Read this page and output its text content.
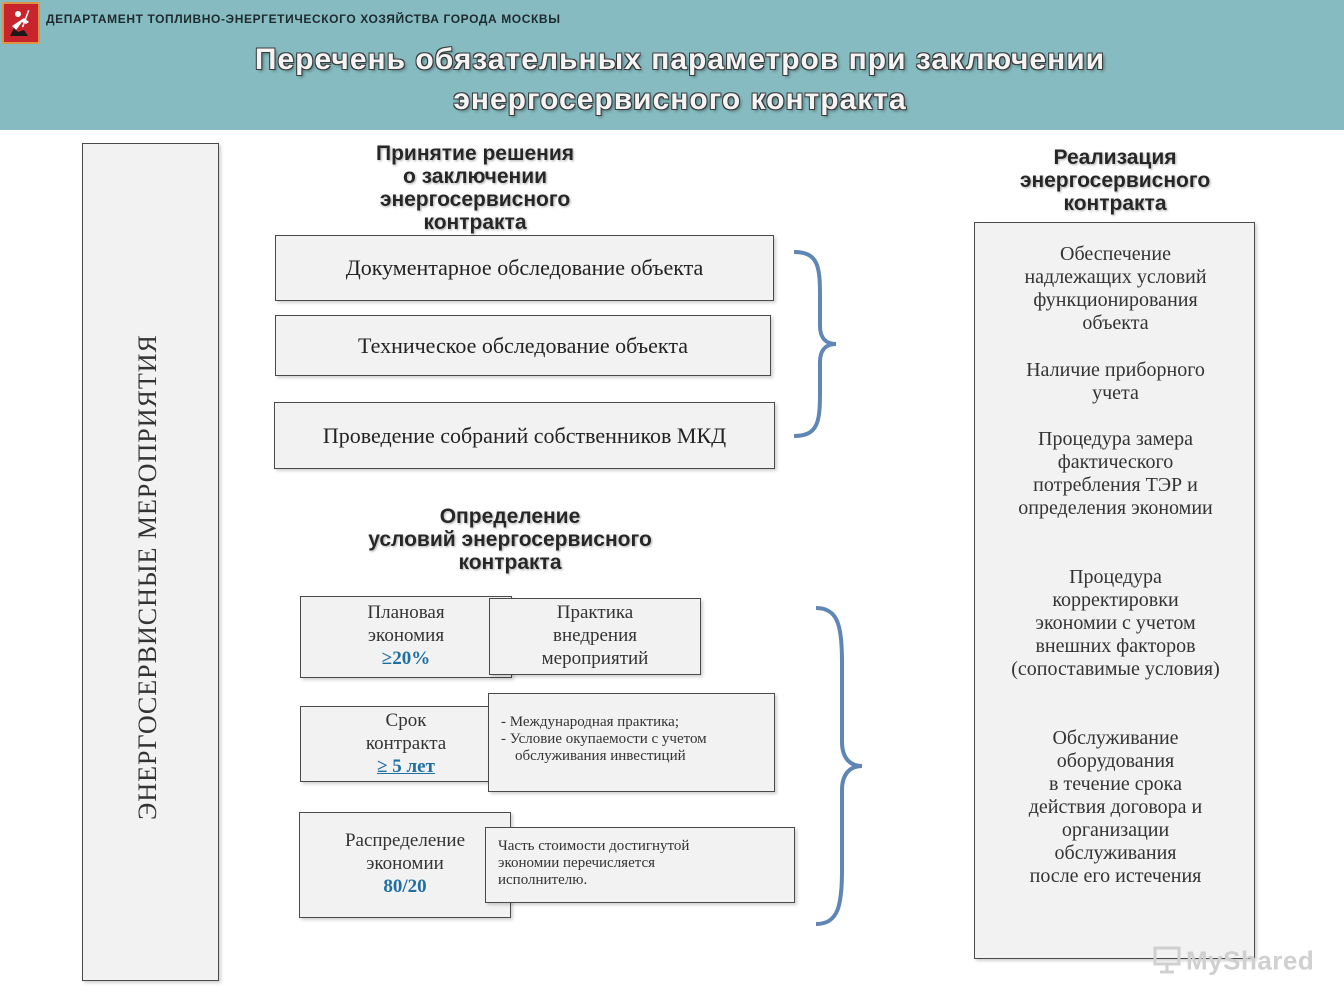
ДЕПАРТАМЕНТ ТОПЛИВНО-ЭНЕРГЕТИЧЕСКОГО ХОЗЯЙСТВА ГОРОДА МОСКВЫ
Перечень обязательных параметров при заключении
энергосервисного контракта
ЭНЕРГОСЕРВИСНЫЕ МЕРОПРИЯТИЯ
Принятие решения
о заключении
энергосервисного
контракта
Документарное обследование объекта
Техническое обследование объекта
Проведение собраний собственников МКД
Определение
условий энергосервисного
контракта
Плановая
экономия
≥20%
Практика
внедрения
мероприятий
Срок
контракта
≥ 5 лет
- Международная практика;
- Условие окупаемости с учетом
обслуживания инвестиций
Распределение
экономии
80/20
Часть стоимости достигнутой
экономии перечисляется
исполнителю.
Реализация
энергосервисного
контракта
Обеспечение
надлежащих условий
функционирования
объекта
Наличие приборного
учета
Процедура замера
фактического
потребления ТЭР и
определения экономии
Процедура
корректировки
экономии с учетом
внешних факторов
(сопоставимые условия)
Обслуживание
оборудования
в течение срока
действия договора и
организации
обслуживания
после его истечения
MyShared
